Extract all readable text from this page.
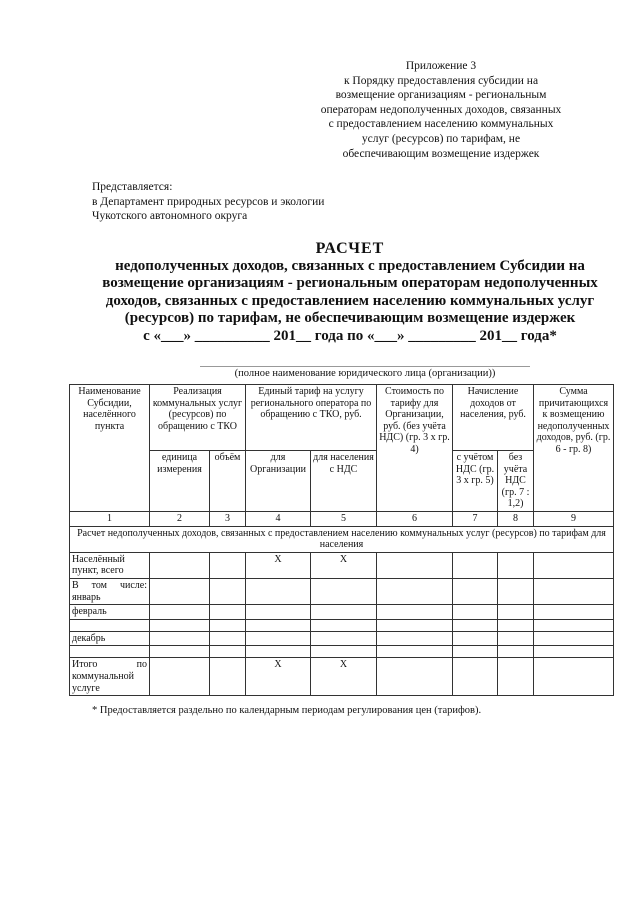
Приложение 3
к Порядку предоставления субсидии на
возмещение организациям - региональным
операторам недополученных доходов, связанных
с предоставлением населению коммунальных
услуг (ресурсов) по тарифам, не
обеспечивающим возмещение издержек
Представляется:
в Департамент природных ресурсов и экологии
Чукотского автономного округа
РАСЧЕТ
недополученных доходов, связанных с предоставлением Субсидии на
возмещение организациям - региональным операторам недополученных
доходов, связанных с предоставлением населению коммунальных услуг
(ресурсов) по тарифам, не обеспечивающим возмещение издержек
с «___» __________ 201__ года по «___» _________ 201__ года*
(полное наименование юридического лица (организации))
Наименование Субсидии, населённого пункта	Реализация коммунальных услуг (ресурсов) по обращению с ТКО		Единый тариф на услугу регионального оператора по обращению с ТКО, руб.		Стоимость по тарифу для Организации, руб. (без учёта НДС) (гр. 3 х гр. 4)	Начисление доходов от населения, руб.		Сумма причитающихся к возмещению недополученных доходов, руб. (гр. 6 - гр. 8)
	единица измерения	объём	для Организации	для населения с НДС		с учётом НДС (гр. 3 х гр. 5)	без учёта НДС (гр. 7 : 1,2)	
1	2	3	4	5	6	7	8	9
Расчет недополученных доходов, связанных с предоставлением населению коммунальных услуг (ресурсов) по тарифам для населения								
Населённый пункт, всего			Х	Х				
В том числе: январь								
февраль								

декабрь								

Итого по коммунальной услуге			Х	Х				
* Предоставляется раздельно по календарным периодам регулирования цен (тарифов).
